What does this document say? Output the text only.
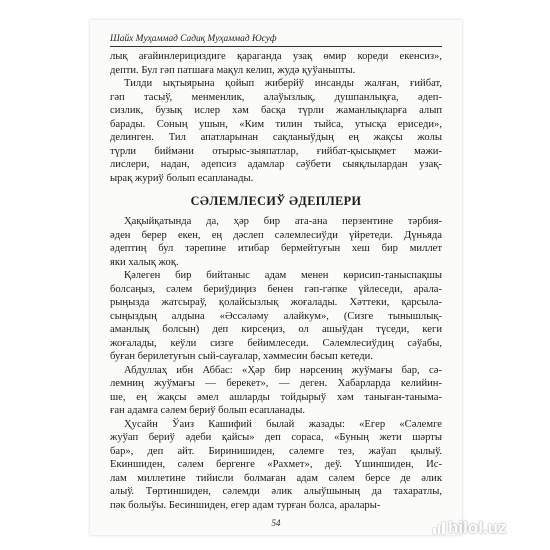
Шайх Муҳаммад Садиқ Муҳаммад Юсуф
лық ағайинлерициздиге қараганда узақ өмир кореди екенсиз»,
депти. Бул гәп патшаға мақул келип, жудә қуўаныпты.
Тилди ықтыярына қойып жиберйў инсанды жалған, ғийбат,
гәп тасыў, менменлик, алаўызлық, душпанлықға, әдеп-
сизлик, бузық ислер хәм басқа түрли жаманлықларға алып
барады. Соның ушын, «Ким тилин тыйса, утысқа ериседи»,
делинген. Тил апатларынан сақланыўдың ең жақсы жолы
түрли биймәни отырыс-зыяпатлар, ғийбат-қысықмет мәжи-
лислери, надан, әдепсиз адамлар сәўбети сыяқлылардан узақ-
ырақ журиў болып есапланады.
СӘЛЕМЛЕСИЎ ӘДЕПЛЕРИ
Ҳақыйқатында да, ҳәр бир ата-ана перзентине тәрбия-
әден берер екен, ең дәслеп сәлемлесиўди үйретеди. Дүньяда
әдептиң бул тәрепине итибар бермейтуғын хеш бир миллет
яки халық жоқ.
Қәлеген бир бийтаныс адам менен көрисип-таныспақшы
болсаңыз, сәлем бериўдиңиз бенен гәп-гәпке үйлеседи, арала-
рыңызда жатсыраў, қолайсызлық жоғалады. Хәттеки, қарсыла-
сыңыздың алдына «Әссәләму алайкум», (Сизге тынышлық-
аманлық болсын) деп кирсеңиз, ол ашыўдан түседи, кеги
жоғалады, кеўли сизге бейимлеседи. Сәлемлесиўдиң сәўабы,
буған берилетуғын сый-сауғалар, хәммесин бәсып кетеди.
Абдуллаҳ ибн Аббас: «Ҳәр бир нәрсениң жуўмағы бар, сә-
лемниң жуўмағы — берекет», — деген. Хабарларда келийин-
ше, ең жақсы әмел ашларды тойдырыў хәм таныған-таныма-
ған адамға сәлем бериў болып есапланады.
Ҳусайн Ўаиз Кашифий былай жазады: «Егер «Сәлемге
жуўап бериў әдеби қайсы» деп сораса, «Буның жети шәрты
бар», деп айт. Биринишиден, сәлемге тез, жаўап қылыў.
Екиншиден, сәлем бергенге «Рахмет», деў. Үшиншиден, Ис-
лам миллетине тийисли болмаған адам сәлем берсе де әлик
алыў. Төртиншиден, сәлемди әлик алыўшының да тахаратлы,
пәк болыўы. Бесиншиден, егер адам турған болса, аралары-
54	hilol.uz
